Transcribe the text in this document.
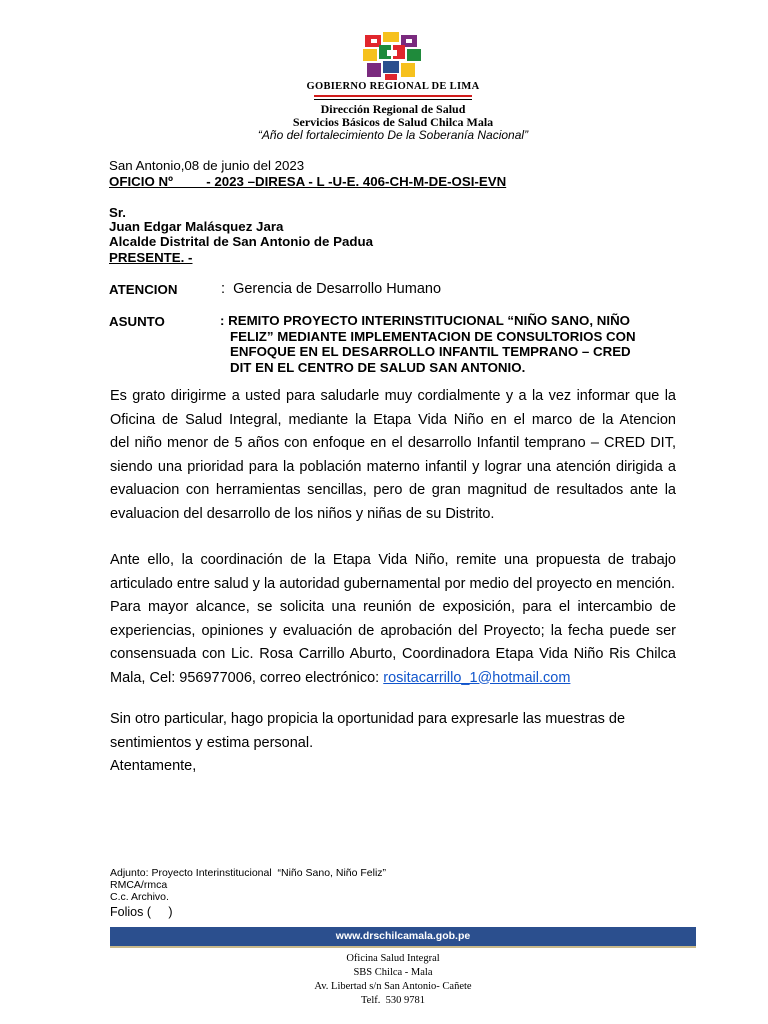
GOBIERNO REGIONAL DE LIMA
Dirección Regional de Salud
Servicios Básicos de Salud Chilca Mala
“Año del fortalecimiento De la Soberanía Nacional”
San Antonio,08 de junio del 2023
OFICIO Nº         - 2023 –DIRESA - L -U-E. 406-CH-M-DE-OSI-EVN
Sr.
Juan Edgar Malásquez Jara
Alcalde Distrital de San Antonio de Padua
PRESENTE. -
ATENCION	:  Gerencia de Desarrollo Humano
ASUNTO	: REMITO PROYECTO INTERINSTITUCIONAL “NIÑO SANO, NIÑO
FELIZ” MEDIANTE IMPLEMENTACION DE CONSULTORIOS CON
ENFOQUE EN EL DESARROLLO INFANTIL TEMPRANO – CRED
DIT EN EL CENTRO DE SALUD SAN ANTONIO.
Es grato dirigirme a usted para saludarle muy cordialmente y a la vez informar que la
Oficina de Salud Integral, mediante la Etapa Vida Niño en el marco de la Atencion
del niño menor de 5 años con enfoque en el desarrollo Infantil temprano – CRED DIT,
siendo una prioridad para la población materno infantil y lograr una atención dirigida a
evaluacion con herramientas sencillas, pero de gran magnitud de resultados ante la
evaluacion del desarrollo de los niños y niñas de su Distrito.
Ante ello, la coordinación de la Etapa Vida Niño, remite una propuesta de trabajo
articulado entre salud y la autoridad gubernamental por medio del proyecto en mención.
Para mayor alcance, se solicita una reunión de exposición, para el intercambio de
experiencias, opiniones y evaluación de aprobación del Proyecto; la fecha puede ser
consensuada con Lic. Rosa Carrillo Aburto, Coordinadora Etapa Vida Niño Ris Chilca
Mala, Cel: 956977006, correo electrónico: rositacarrillo_1@hotmail.com
Sin otro particular, hago propicia la oportunidad para expresarle las muestras de
sentimientos y estima personal.
Atentamente,
Adjunto: Proyecto Interinstitucional  “Niño Sano, Niño Feliz”
RMCA/rmca
C.c. Archivo.
Folios (     )
www.drschilcamala.gob.pe
Oficina Salud Integral
SBS Chilca - Mala
Av. Libertad s/n San Antonio- Cañete
Telf.  530 9781
